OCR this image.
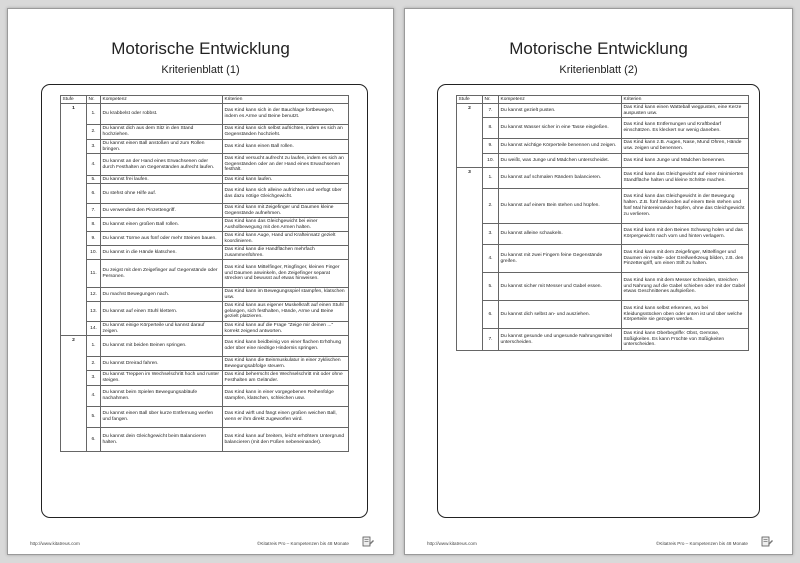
Motorische Entwicklung
Kriterienblatt (1)
Stufe	Nr.	Kompetenz	Kriterien
1	1.	Du krabbelst oder robbst.	Das Kind kann sich in der Bauchlage fortbewegen, indem es Arme und Beine benutzt.
	2.	Du kannst dich aus dem Sitz in den Stand hochziehen.	Das Kind kann sich selbst aufrichten, indem es sich an Gegenständen hochzieht.
	3.	Du kannst einen Ball anstoßen und zum Rollen bringen.	Das Kind kann einen Ball rollen.
	4.	Du kannst an der Hand eines Erwachsenen oder durch Festhalten an Gegenständen aufrecht laufen.	Das Kind versucht aufrecht zu laufen, indem es sich an Gegenständen oder an der Hand eines Erwachsenen festhält.
	5.	Du kannst frei laufen.	Das Kind kann laufen.
	6.	Du stehst ohne Hilfe auf.	Das Kind kann sich alleine aufrichten und verfügt über das dazu nötige Gleichgewicht.
	7.	Du verwendest den Pinzettengriff.	Das Kind kann mit Zeigefinger und Daumen kleine Gegenstände aufnehmen.
	8.	Du kannst einen großen Ball rollen.	Das Kind kann das Gleichgewicht bei einer Ausholbewegung mit den Armen halten.
	9.	Du kannst Türme aus fünf oder mehr Steinen bauen.	Das Kind kann Auge, Hand und Krafteinsatz gezielt koordinieren.
	10.	Du kannst in die Hände klatschen.	Das Kind kann die Handflächen mehrfach zusammenführen.
	11.	Du zeigst mit dem Zeigefinger auf Gegenstände oder Personen.	Das Kind kann Mittelfinger, Ringfinger, kleinen Finger und Daumen anwinkeln, den Zeigefinger separat strecken und bewusst auf etwas hinweisen.
	12.	Du machst Bewegungen nach.	Das Kind kann im Bewegungsspiel stampfen, klatschen usw.
	13.	Du kannst auf einen Stuhl klettern.	Das Kind kann aus eigener Muskelkraft auf einen Stuhl gelangen, sich festhalten, Hände, Arme und Beine gezielt platzieren.
	14.	Du kannst einige Körperteile und kannst darauf zeigen.	Das Kind kann auf die Frage "Zeige mir deinen ..." korrekt zeigend antworten.
2	1.	Du kannst mit beiden Beinen springen.	Das Kind kann beidbeinig von einer flachen Erhöhung oder über eine niedrige Hindernis springen.
	2.	Du kannst Dreirad fahren.	Das Kind kann die Beinmuskulatur in einer zyklischen Bewegungsabfolge steuern.
	3.	Du kannst Treppen im Wechselschritt hoch und runter steigen.	Das Kind beherrscht den Wechselschritt mit oder ohne Festhalten am Geländer.
	4.	Du kannst beim Spielen Bewegungsabläufe nachahmen.	Das Kind kann in einer vorgegebenen Reihenfolge stampfen, klatschen, schleichen usw.
	5.	Du kannst einen Ball über kurze Entfernung werfen und fangen.	Das Kind wirft und fängt einen großen weichen Ball, wenn er ihm direkt zugeworfen wird.
	6.	Du kannst dein Gleichgewicht beim Balancieren halten.	Das Kind kann auf breitem, leicht erhöhtem Untergrund balancieren (mit den Füßen nebeneinander).
http://www.kitatreus.com	©Kitatreis Pro – Kompetenzen bis 48 Monate
Motorische Entwicklung
Kriterienblatt (2)
Stufe	Nr.	Kompetenz	Kriterien
2	7.	Du kannst gezielt pusten.	Das Kind kann einen Watteball wegpusten, eine Kerze auspusten usw.
	8.	Du kannst Wasser sicher in eine Tasse eingießen.	Das Kind kann Entfernungen und Kraftbedarf einschätzen. Es kleckert nur wenig daneben.
	9.	Du kannst wichtige Körperteile benennen und zeigen.	Das Kind kann z.B. Augen, Nase, Mund Ohren, Hände usw. zeigen und benennen.
	10.	Du weißt, was Junge und Mädchen unterscheidet.	Das Kind kann Junge und Mädchen benennen.
3	1.	Du kannst auf schmalen Rändern balancieren.	Das Kind kann das Gleichgewicht auf einer minimierten Standfläche halten und kleine Schritte machen.
	2.	Du kannst auf einem Bein stehen und hüpfen.	Das Kind kann das Gleichgewicht in der Bewegung halten. Z.B. fünf Sekunden auf einem Bein stehen und fünf Mal hintereinander hüpfen, ohne das Gleichgewicht zu verlieren.
	3.	Du kannst alleine schaukeln.	Das Kind kann mit den Beinen Schwung holen und das Körpergewicht nach vorn und hinten verlagern.
	4.	Du kannst mit zwei Fingern feine Gegenstände greifen.	Das Kind kann mit dem Zeigefinger, Mittelfinger und Daumen ein Halte- oder Greifwerkzeug bilden, z.B. den Pinzettengriff, um einen Stift zu halten.
	5.	Du kannst sicher mit Messer und Gabel essen.	Das Kind kann mit dem Messer schneiden, streichen und Nahrung auf die Gabel schieben oder mit der Gabel etwas Geschnittenes aufspießen.
	6.	Du kannst dich selbst an- und ausziehen.	Das Kind kann selbst erkennen, wo bei Kleidungsstücken oben oder unten ist und über welche Körperteile sie gezogen werden.
	7.	Du kannst gesunde und ungesunde Nahrungsmittel unterscheiden.	Das Kind kann Oberbegriffe: Obst, Gemüse, Süßigkeiten. Es kann Früchte von Süßigkeiten unterscheiden.
http://www.kitatreus.com	©Kitatreis Pro – Kompetenzen bis 48 Monate
